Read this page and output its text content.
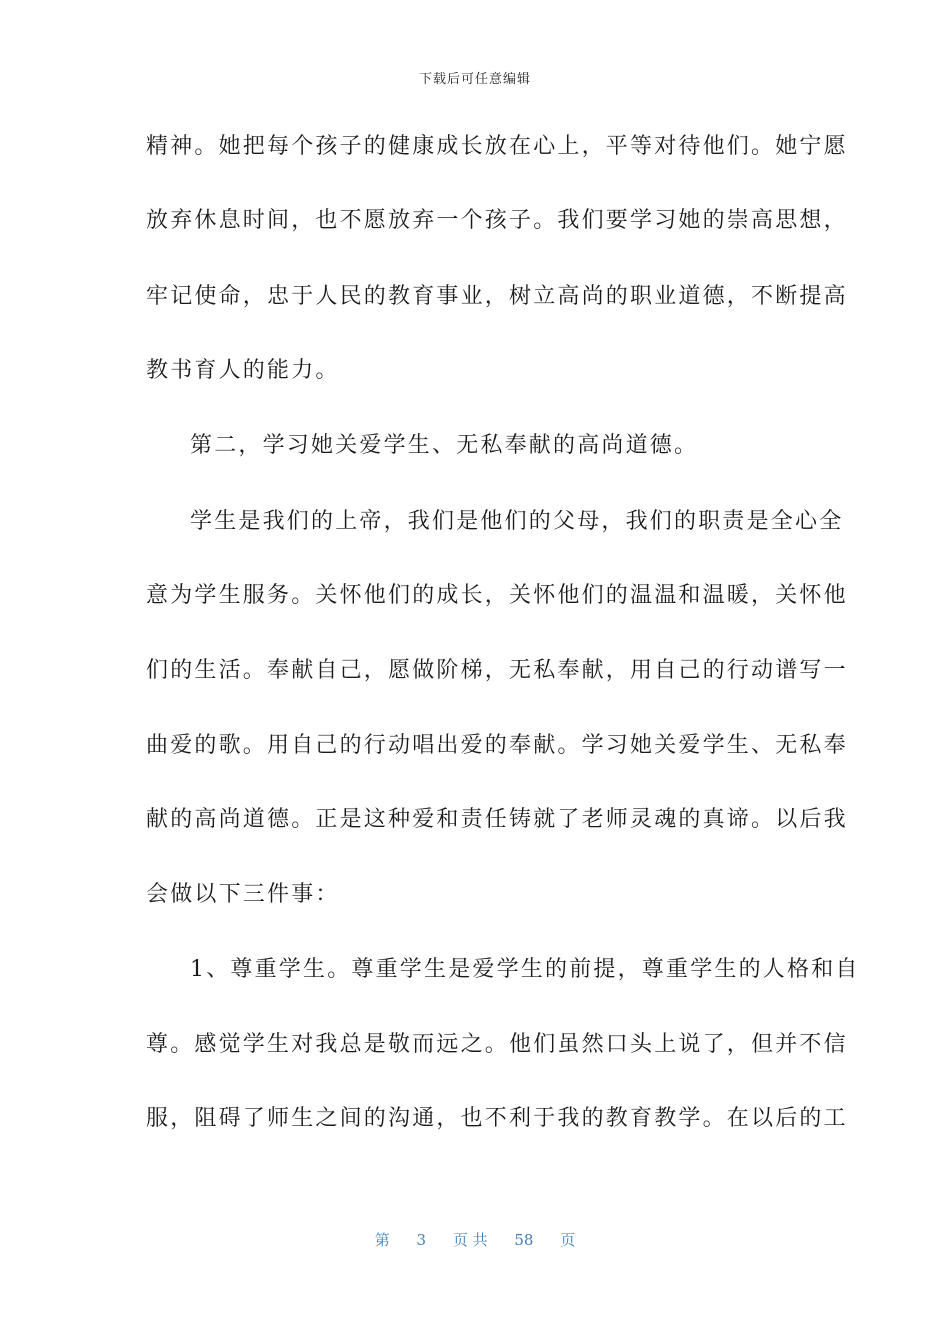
下载后可任意编辑
精神。她把每个孩子的健康成长放在心上，平等对待他们。她宁愿
放弃休息时间，也不愿放弃一个孩子。我们要学习她的崇高思想，
牢记使命，忠于人民的教育事业，树立高尚的职业道德，不断提高
教书育人的能力。
第二，学习她关爱学生、无私奉献的高尚道德。
学生是我们的上帝，我们是他们的父母，我们的职责是全心全
意为学生服务。关怀他们的成长，关怀他们的温温和温暖，关怀他
们的生活。奉献自己，愿做阶梯，无私奉献，用自己的行动谱写一
曲爱的歌。用自己的行动唱出爱的奉献。学习她关爱学生、无私奉
献的高尚道德。正是这种爱和责任铸就了老师灵魂的真谛。以后我
会做以下三件事：
1、尊重学生。尊重学生是爱学生的前提，尊重学生的人格和自
尊。感觉学生对我总是敬而远之。他们虽然口头上说了，但并不信
服，阻碍了师生之间的沟通，也不利于我的教育教学。在以后的工
第 3 页 共 58 页
